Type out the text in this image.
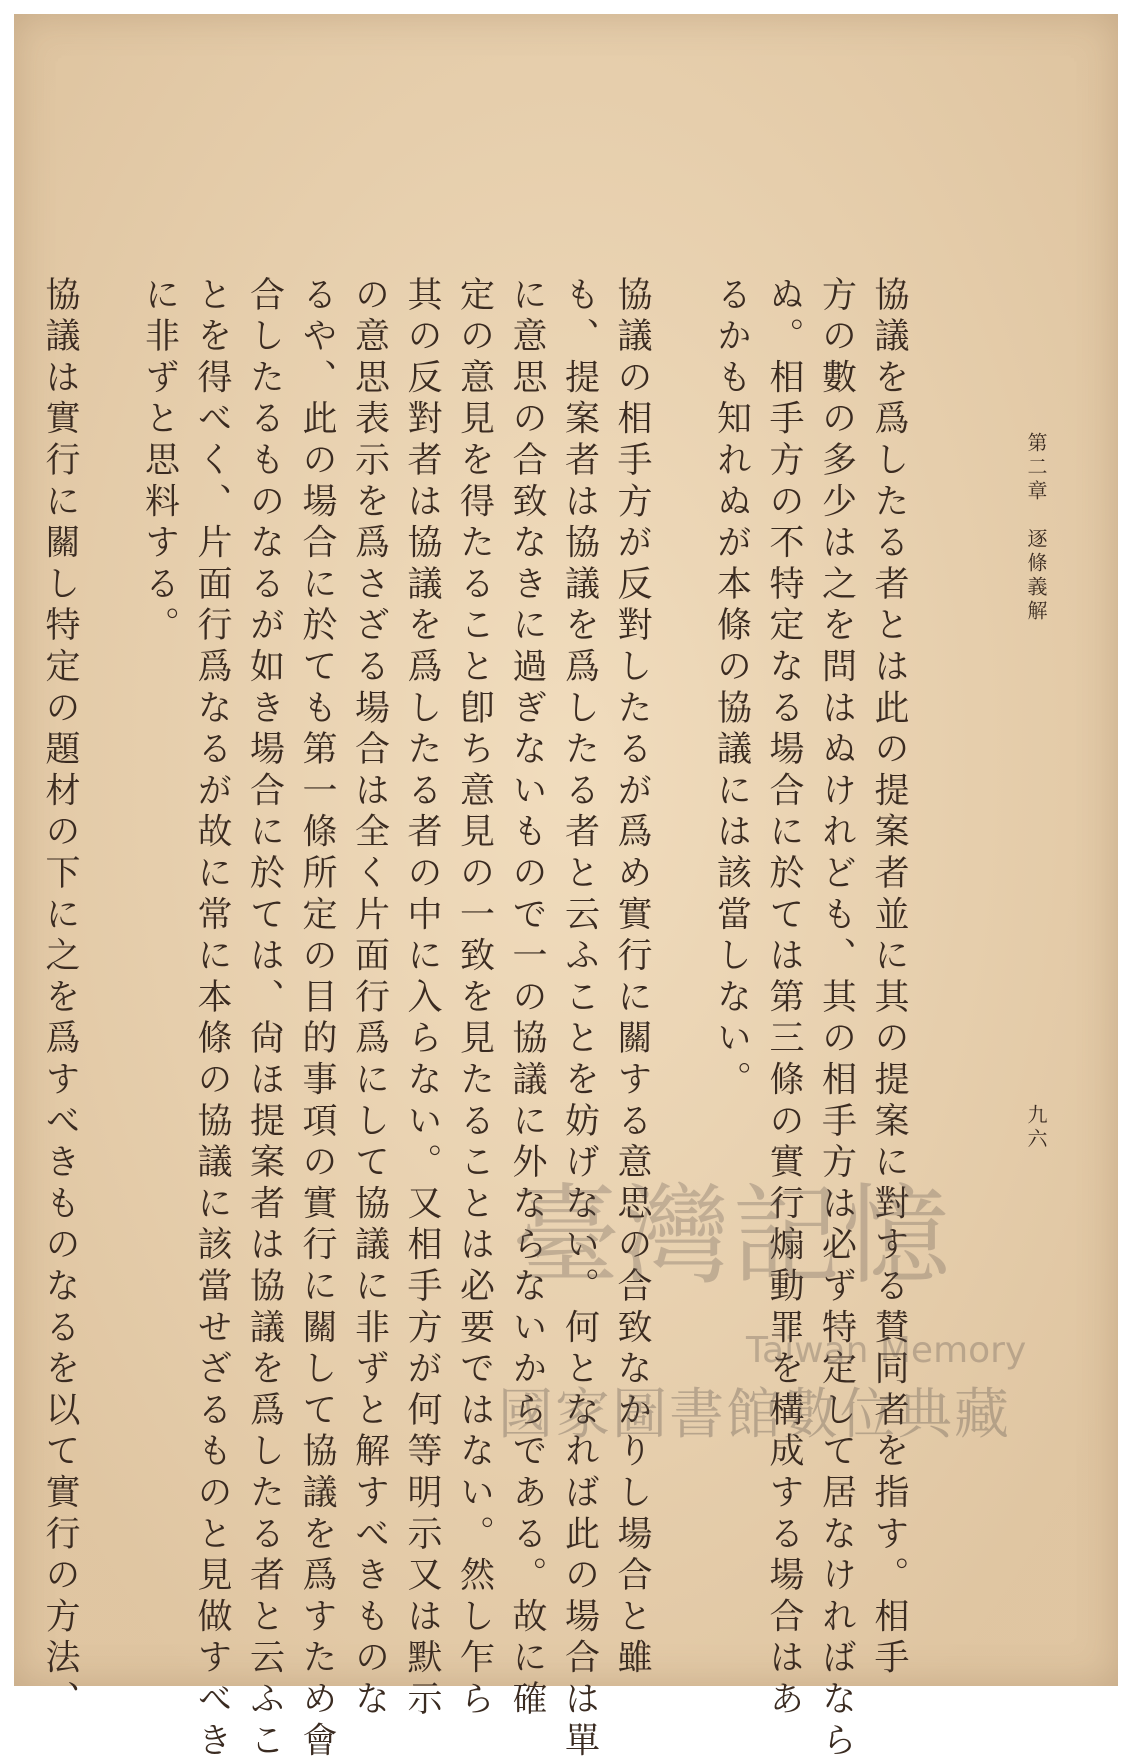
第二章　逐條義解
九六
協議を爲したる者とは此の提案者並に其の提案に對する賛同者を指す。相手
方の數の多少は之を問はぬけれども、其の相手方は必ず特定して居なければなら
ぬ。相手方の不特定なる場合に於ては第三條の實行煽動罪を構成する場合はあ
るかも知れぬが本條の協議には該當しない。
協議の相手方が反對したるが爲め實行に關する意思の合致なかりし場合と雖
も、提案者は協議を爲したる者と云ふことを妨げない。何となれば此の場合は單
に意思の合致なきに過ぎないもので一の協議に外ならないからである。故に確
定の意見を得たること卽ち意見の一致を見たることは必要ではない。然し乍ら
其の反對者は協議を爲したる者の中に入らない。又相手方が何等明示又は默示
の意思表示を爲さざる場合は全く片面行爲にして協議に非ずと解すべきものな
るや、此の場合に於ても第一條所定の目的事項の實行に關して協議を爲すため會
合したるものなるが如き場合に於ては、尙ほ提案者は協議を爲したる者と云ふこ
とを得べく、片面行爲なるが故に常に本條の協議に該當せざるものと見做すべき
に非ずと思料する。
協議は實行に關し特定の題材の下に之を爲すべきものなるを以て實行の方法、	臺灣記憶
Taiwan Memory
國家圖書館數位典藏
